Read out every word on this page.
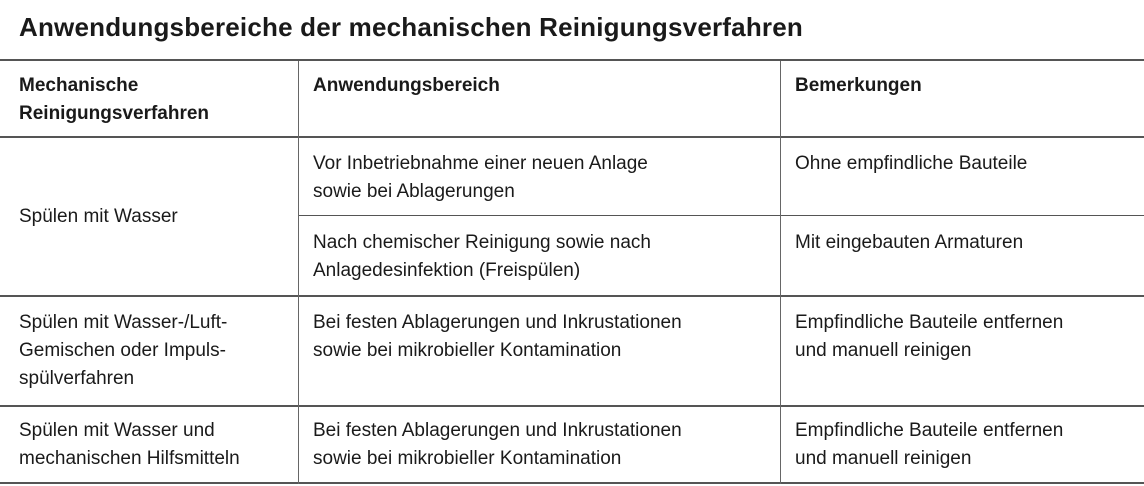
Anwendungsbereiche der mechanischen Reinigungsverfahren
Mechanische
Reinigungsverfahren
Anwendungsbereich	Bemerkungen
Spülen mit Wasser
Vor Inbetriebnahme einer neuen Anlage
sowie bei Ablagerungen
Ohne empfindliche Bauteile
Nach chemischer Reinigung sowie nach
Anlagedesinfektion (Freispülen)
Mit eingebauten Armaturen
Spülen mit Wasser-/Luft-
Gemischen oder Impuls-
spülverfahren
Bei festen Ablagerungen und Inkrustationen
sowie bei mikrobieller Kontamination
Empfindliche Bauteile entfernen
und manuell reinigen
Spülen mit Wasser und
mechanischen Hilfsmitteln
Bei festen Ablagerungen und Inkrustationen
sowie bei mikrobieller Kontamination
Empfindliche Bauteile entfernen
und manuell reinigen
